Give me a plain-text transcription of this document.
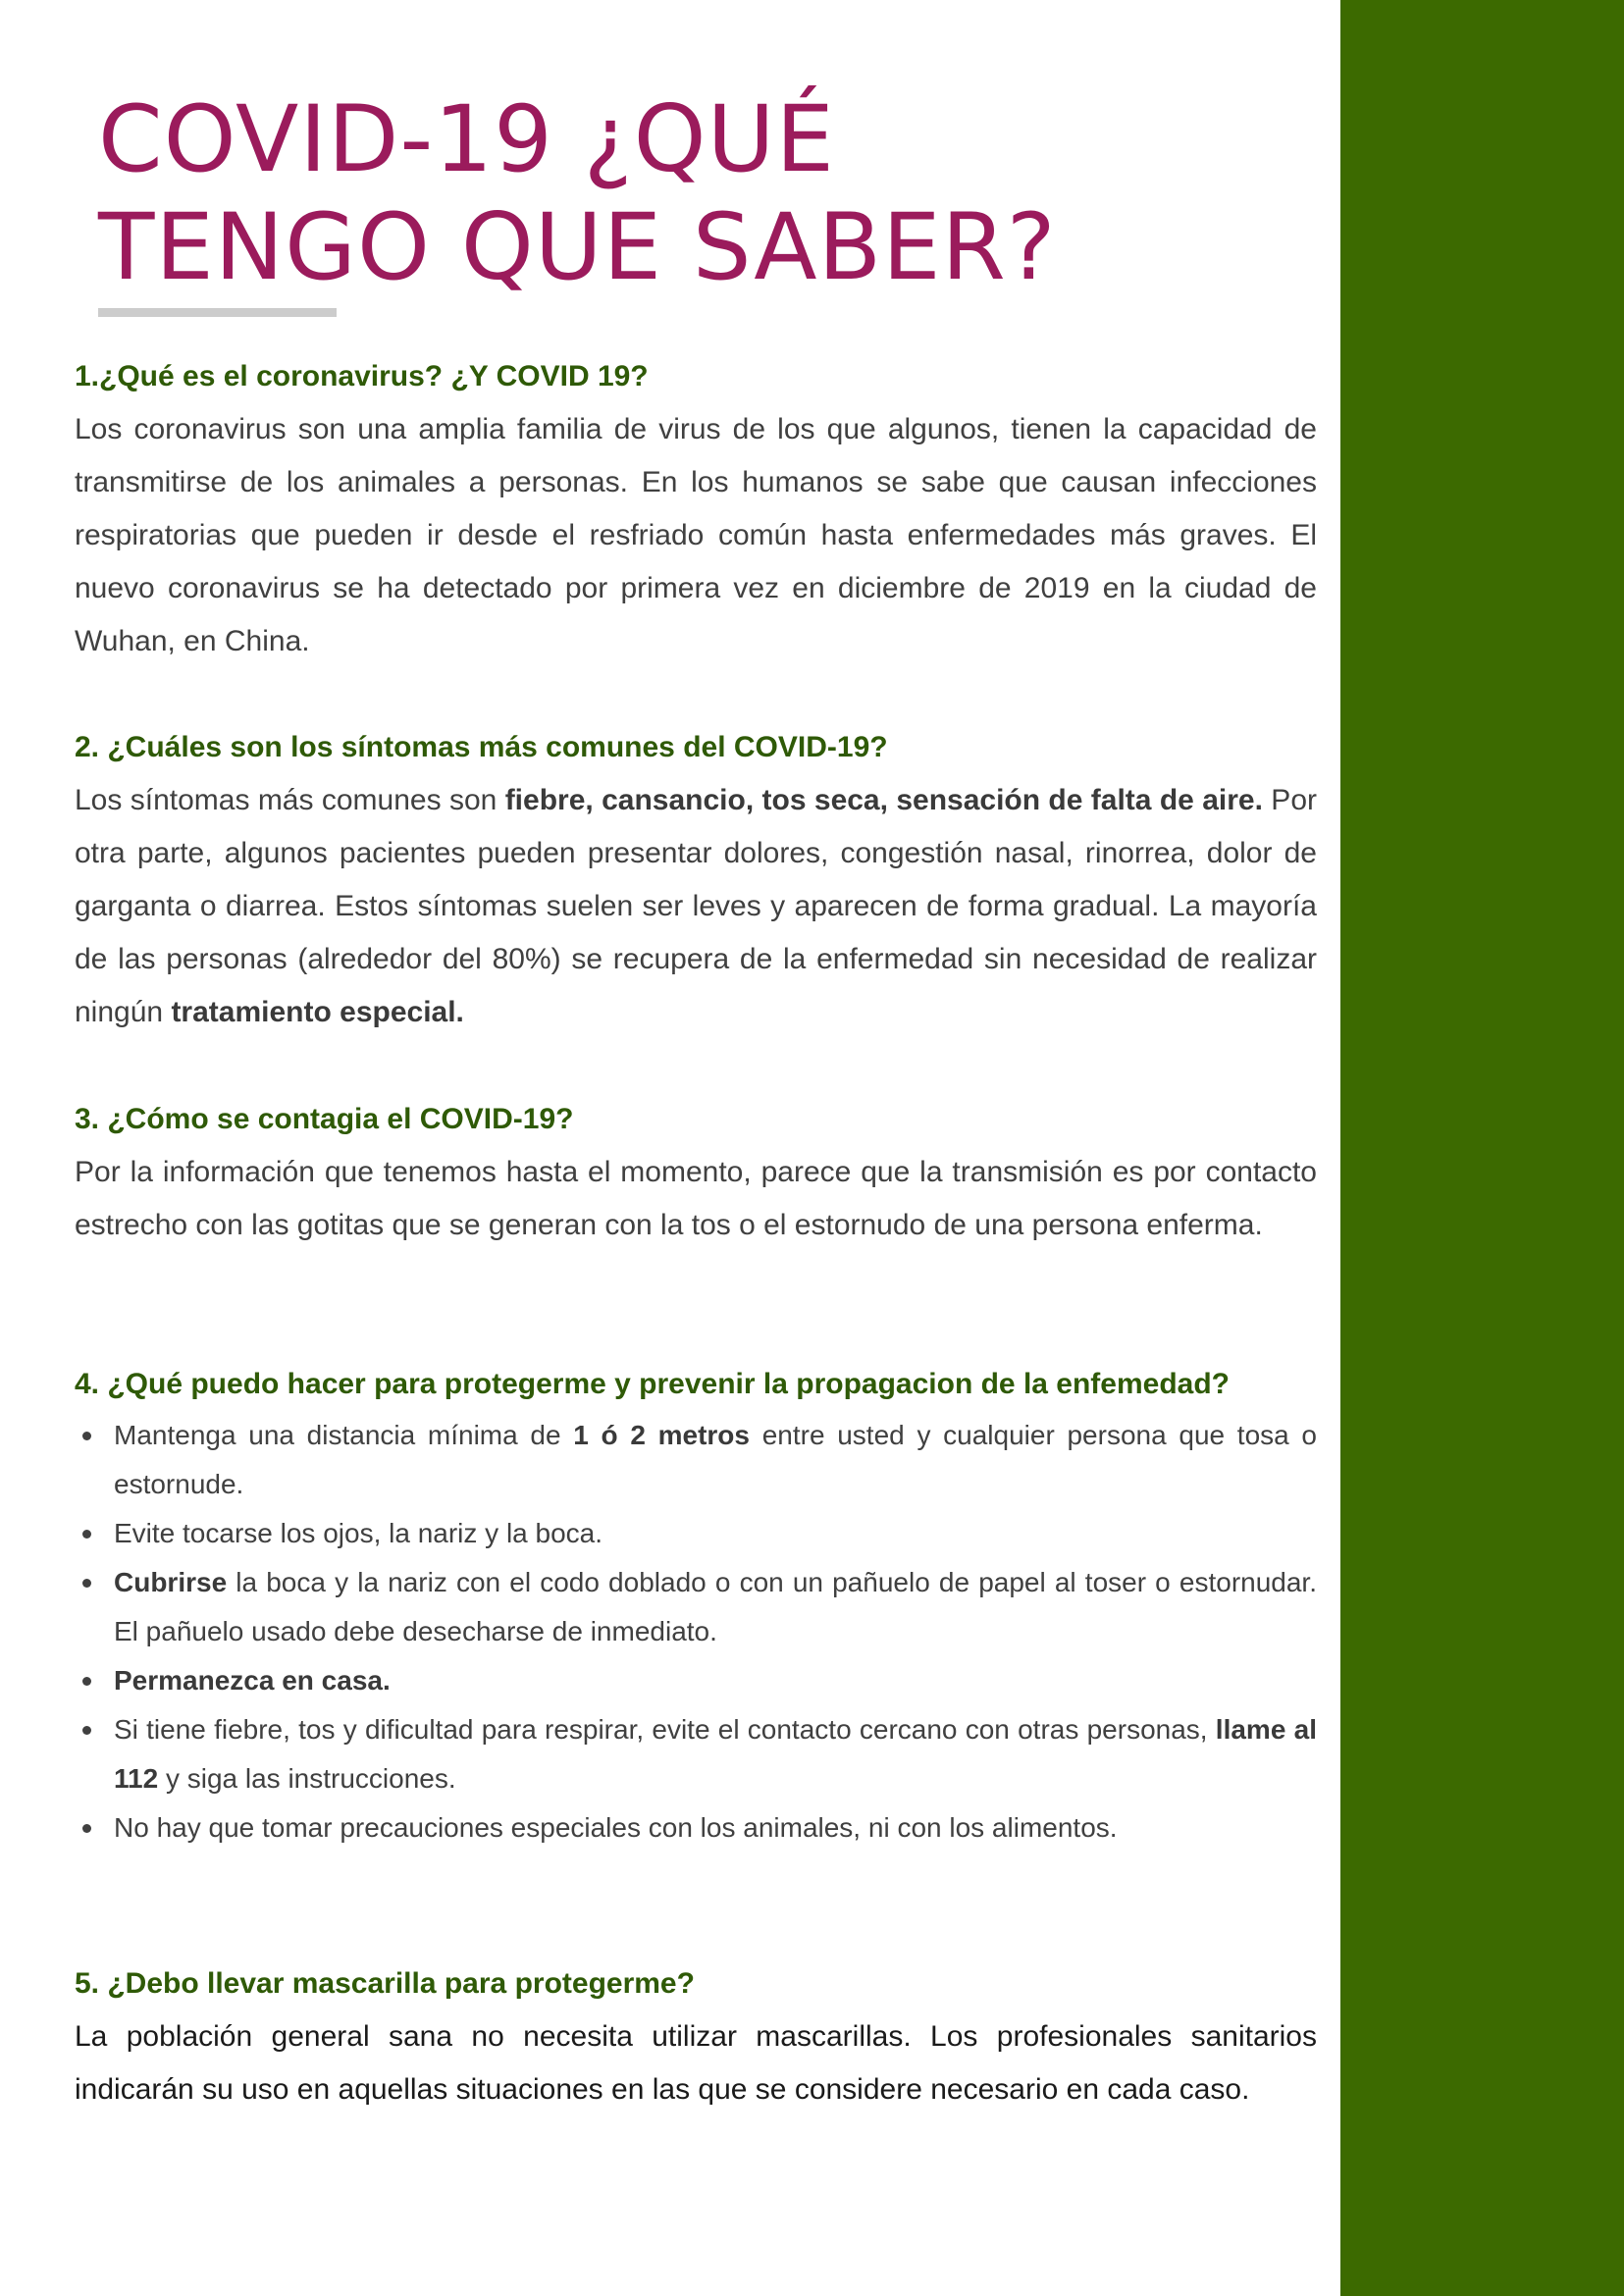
COVID-19 ¿QUÉ
TENGO QUE SABER?
1.¿Qué es el coronavirus? ¿Y COVID 19?

Los coronavirus son una amplia familia de virus de los que algunos, tienen la capacidad de transmitirse de los animales a personas. En los humanos se sabe que causan infecciones respiratorias que pueden ir desde el resfriado común hasta enfermedades más graves. El nuevo coronavirus se ha detectado por primera vez en diciembre de 2019 en la ciudad de Wuhan, en China.

2. ¿Cuáles son los síntomas más comunes del COVID-19?

Los síntomas más comunes son fiebre, cansancio, tos seca, sensación de falta de aire. Por otra parte, algunos pacientes pueden presentar dolores, congestión nasal, rinorrea, dolor de garganta o diarrea. Estos síntomas suelen ser leves y aparecen de forma gradual. La mayoría de las personas (alrededor del 80%) se recupera de la enfermedad sin necesidad de realizar ningún tratamiento especial.

3. ¿Cómo se contagia el COVID-19?

Por la información que tenemos hasta el momento, parece que la transmisión es por contacto estrecho con las gotitas que se generan con la tos o el estornudo de una persona enferma.

4. ¿Qué puedo hacer para protegerme y prevenir la propagacion de la enfemedad?
Mantenga una distancia mínima de 1 ó 2 metros entre usted y cualquier persona que tosa o estornude.
Evite tocarse los ojos, la nariz y la boca.
Cubrirse la boca y la nariz con el codo doblado o con un pañuelo de papel al toser o estornudar. El pañuelo usado debe desecharse de inmediato.
Permanezca en casa.
Si tiene fiebre, tos y dificultad para respirar, evite el contacto cercano con otras personas, llame al 112 y siga las instrucciones.
No hay que tomar precauciones especiales con los animales, ni con los alimentos.
5. ¿Debo llevar mascarilla para protegerme?

La población general sana no necesita utilizar mascarillas. Los profesionales sanitarios indicarán su uso en aquellas situaciones en las que se considere necesario en cada caso.
